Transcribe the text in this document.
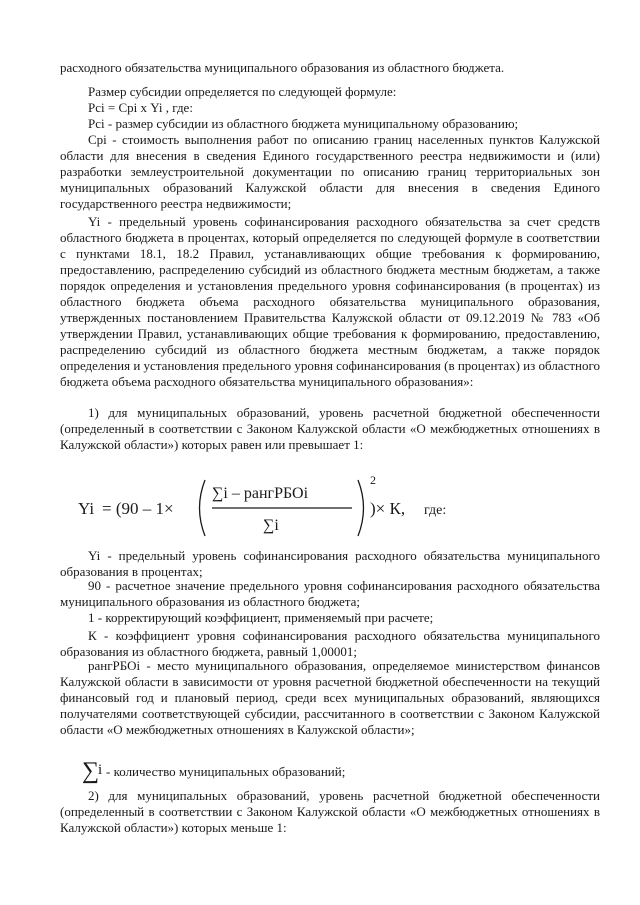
расходного обязательства муниципального образования из областного бюджета.

Размер субсидии определяется по следующей формуле:

Рсi = Срi х Yi , где:

Рсi - размер субсидии из областного бюджета муниципальному образованию;

Срi - стоимость выполнения работ по описанию границ населенных пунктов Калужской области для внесения в сведения Единого государственного реестра недвижимости и (или) разработки землеустроительной документации по описанию границ территориальных зон муниципальных образований Калужской области для внесения в сведения Единого государственного реестра недвижимости;

Yi - предельный уровень софинансирования расходного обязательства за счет средств областного бюджета в процентах, который определяется по следующей формуле в соответствии с пунктами 18.1, 18.2 Правил, устанавливающих общие требования к формированию, предоставлению, распределению субсидий из областного бюджета местным бюджетам, а также порядок определения и установления предельного уровня софинансирования (в процентах) из областного бюджета объема расходного обязательства муниципального образования, утвержденных постановлением Правительства Калужской области от 09.12.2019 № 783 «Об утверждении Правил, устанавливающих общие требования к формированию, предоставлению, распределению субсидий из областного бюджета местным бюджетам, а также порядок определения и установления предельного уровня софинансирования (в процентах) из областного бюджета объема расходного обязательства муниципального образования»:

1) для муниципальных образований, уровень расчетной бюджетной обеспеченности (определенный в соответствии с Законом Калужской области «О межбюджетных отношениях в Калужской области») которых равен или превышает 1:

Yi = (90 – 1×
∑i – рангРБОi
∑i
2
)× К, где:

Yi - предельный уровень софинансирования расходного обязательства муниципального образования в процентах;

90 - расчетное значение предельного уровня софинансирования расходного обязательства муниципального образования из областного бюджета;

1 - корректирующий коэффициент, применяемый при расчете;

К - коэффициент уровня софинансирования расходного обязательства муниципального образования из областного бюджета, равный 1,00001;

рангРБОi - место муниципального образования, определяемое министерством финансов Калужской области в зависимости от уровня расчетной бюджетной обеспеченности на текущий финансовый год и плановый период, среди всех муниципальных образований, являющихся получателями соответствующей субсидии, рассчитанного в соответствии с Законом Калужской области «О межбюджетных отношениях в Калужской области»;

∑
i - количество муниципальных образований;

2) для муниципальных образований, уровень расчетной бюджетной обеспеченности (определенный в соответствии с Законом Калужской области «О межбюджетных отношениях в Калужской области») которых меньше 1:
